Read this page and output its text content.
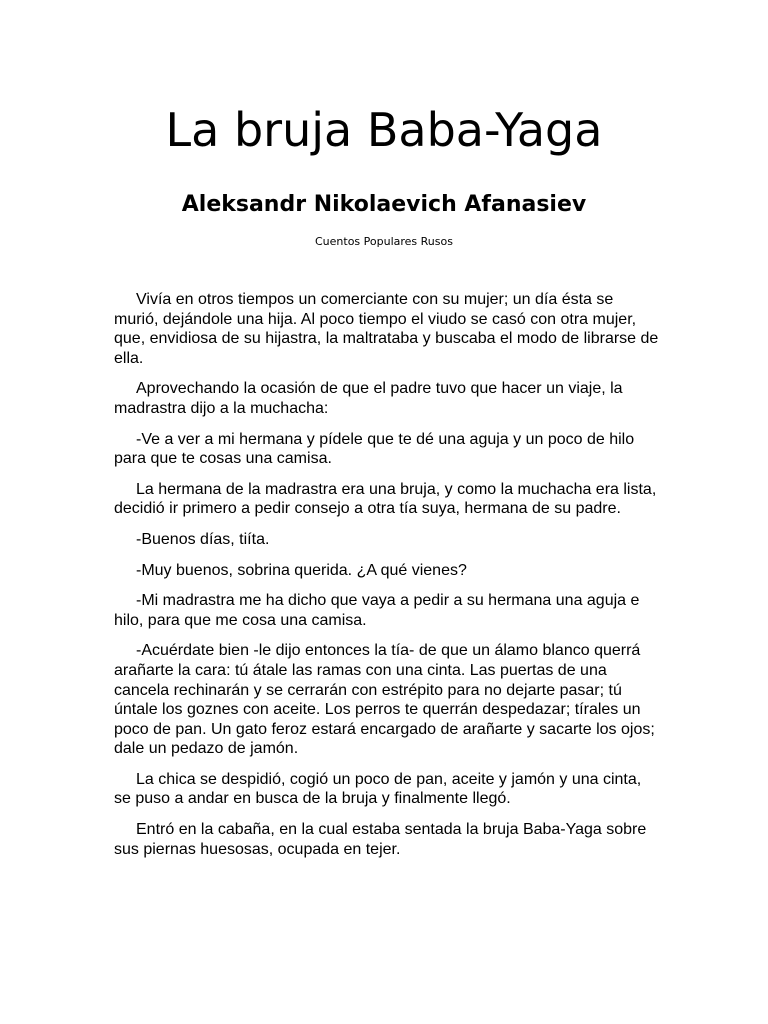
La bruja Baba-Yaga
Aleksandr Nikolaevich Afanasiev
Cuentos Populares Rusos

Vivía en otros tiempos un comerciante con su mujer; un día ésta se murió, dejándole una hija. Al poco tiempo el viudo se casó con otra mujer, que, envidiosa de su hijastra, la maltrataba y buscaba el modo de librarse de ella.

Aprovechando la ocasión de que el padre tuvo que hacer un viaje, la madrastra dijo a la muchacha:

-Ve a ver a mi hermana y pídele que te dé una aguja y un poco de hilo para que te cosas una camisa.

La hermana de la madrastra era una bruja, y como la muchacha era lista, decidió ir primero a pedir consejo a otra tía suya, hermana de su padre.

-Buenos días, tiíta.

-Muy buenos, sobrina querida. ¿A qué vienes?

-Mi madrastra me ha dicho que vaya a pedir a su hermana una aguja e hilo, para que me cosa una camisa.

-Acuérdate bien -le dijo entonces la tía- de que un álamo blanco querrá arañarte la cara: tú átale las ramas con una cinta. Las puertas de una cancela rechinarán y se cerrarán con estrépito para no dejarte pasar; tú úntale los goznes con aceite. Los perros te querrán despedazar; tírales un poco de pan. Un gato feroz estará encargado de arañarte y sacarte los ojos; dale un pedazo de jamón.

La chica se despidió, cogió un poco de pan, aceite y jamón y una cinta, se puso a andar en busca de la bruja y finalmente llegó.

Entró en la cabaña, en la cual estaba sentada la bruja Baba-Yaga sobre sus piernas huesosas, ocupada en tejer.
